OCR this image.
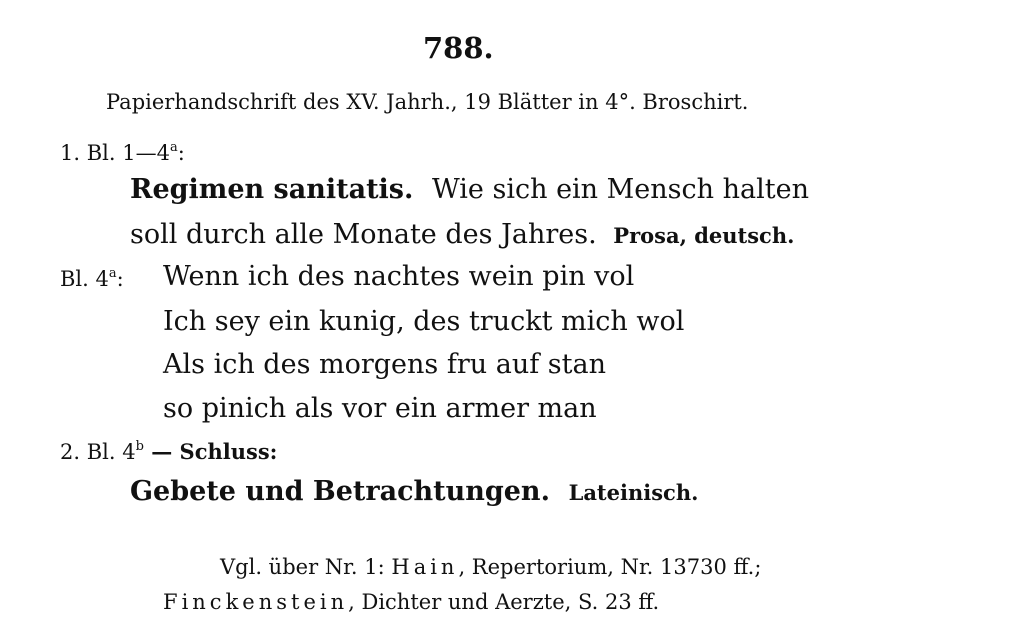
788.
Papierhandschrift des XV. Jahrh., 19 Blätter in 4°. Broschirt.
1. Bl. 1—4$^a$:
Regimen sanitatis. Wie sich ein Mensch halten
soll durch alle Monate des Jahres. Prosa, deutsch.
Bl. 4$^a$: Wenn ich des nachtes wein pin vol
Ich sey ein kunig, des truckt mich wol
Als ich des morgens fru auf stan
so pinich als vor ein armer man
2. Bl. 4$^b$ — Schluss:
Gebete und Betrachtungen. Lateinisch.
Vgl. über Nr. 1: Hain, Repertorium, Nr. 13730 ff.;
Finckenstein, Dichter und Aerzte, S. 23 ff.
